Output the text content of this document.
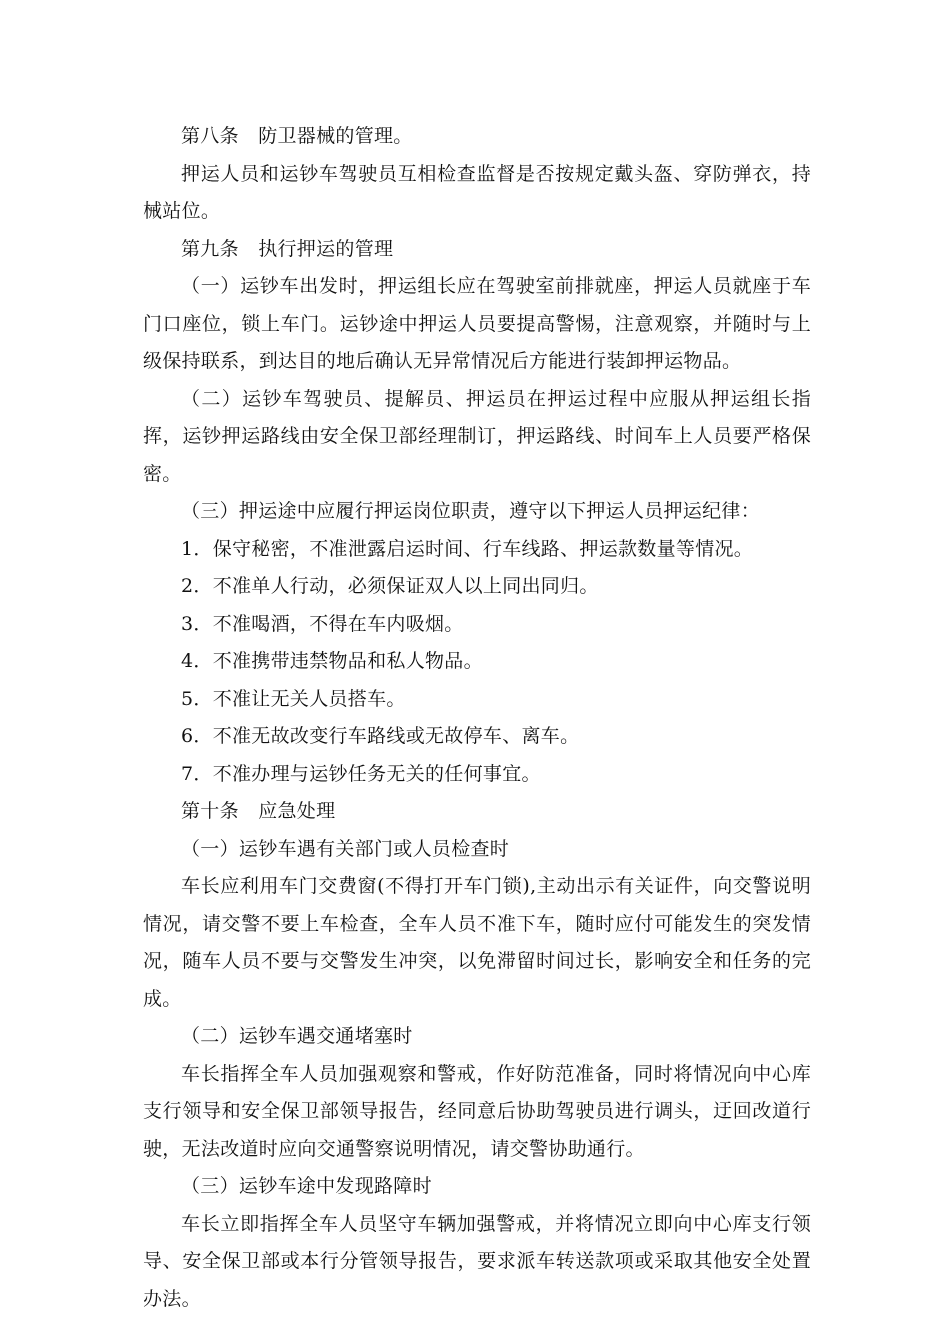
第八条　防卫器械的管理。

押运人员和运钞车驾驶员互相检查监督是否按规定戴头盔、穿防弹衣，持械站位。

第九条　执行押运的管理

（一）运钞车出发时，押运组长应在驾驶室前排就座，押运人员就座于车门口座位，锁上车门。运钞途中押运人员要提高警惕，注意观察，并随时与上级保持联系，到达目的地后确认无异常情况后方能进行装卸押运物品。

（二）运钞车驾驶员、提解员、押运员在押运过程中应服从押运组长指挥，运钞押运路线由安全保卫部经理制订，押运路线、时间车上人员要严格保密。

（三）押运途中应履行押运岗位职责，遵守以下押运人员押运纪律：

1．保守秘密，不准泄露启运时间、行车线路、押运款数量等情况。

2．不准单人行动，必须保证双人以上同出同归。

3．不准喝酒，不得在车内吸烟。

4．不准携带违禁物品和私人物品。

5．不准让无关人员搭车。

6．不准无故改变行车路线或无故停车、离车。

7．不准办理与运钞任务无关的任何事宜。

第十条　应急处理

（一）运钞车遇有关部门或人员检查时

车长应利用车门交费窗(不得打开车门锁),主动出示有关证件，向交警说明情况，请交警不要上车检查，全车人员不准下车，随时应付可能发生的突发情况，随车人员不要与交警发生冲突，以免滞留时间过长，影响安全和任务的完成。

（二）运钞车遇交通堵塞时

车长指挥全车人员加强观察和警戒，作好防范准备，同时将情况向中心库支行领导和安全保卫部领导报告，经同意后协助驾驶员进行调头，迂回改道行驶，无法改道时应向交通警察说明情况，请交警协助通行。

（三）运钞车途中发现路障时

车长立即指挥全车人员坚守车辆加强警戒，并将情况立即向中心库支行领导、安全保卫部或本行分管领导报告，要求派车转送款项或采取其他安全处置办法。
